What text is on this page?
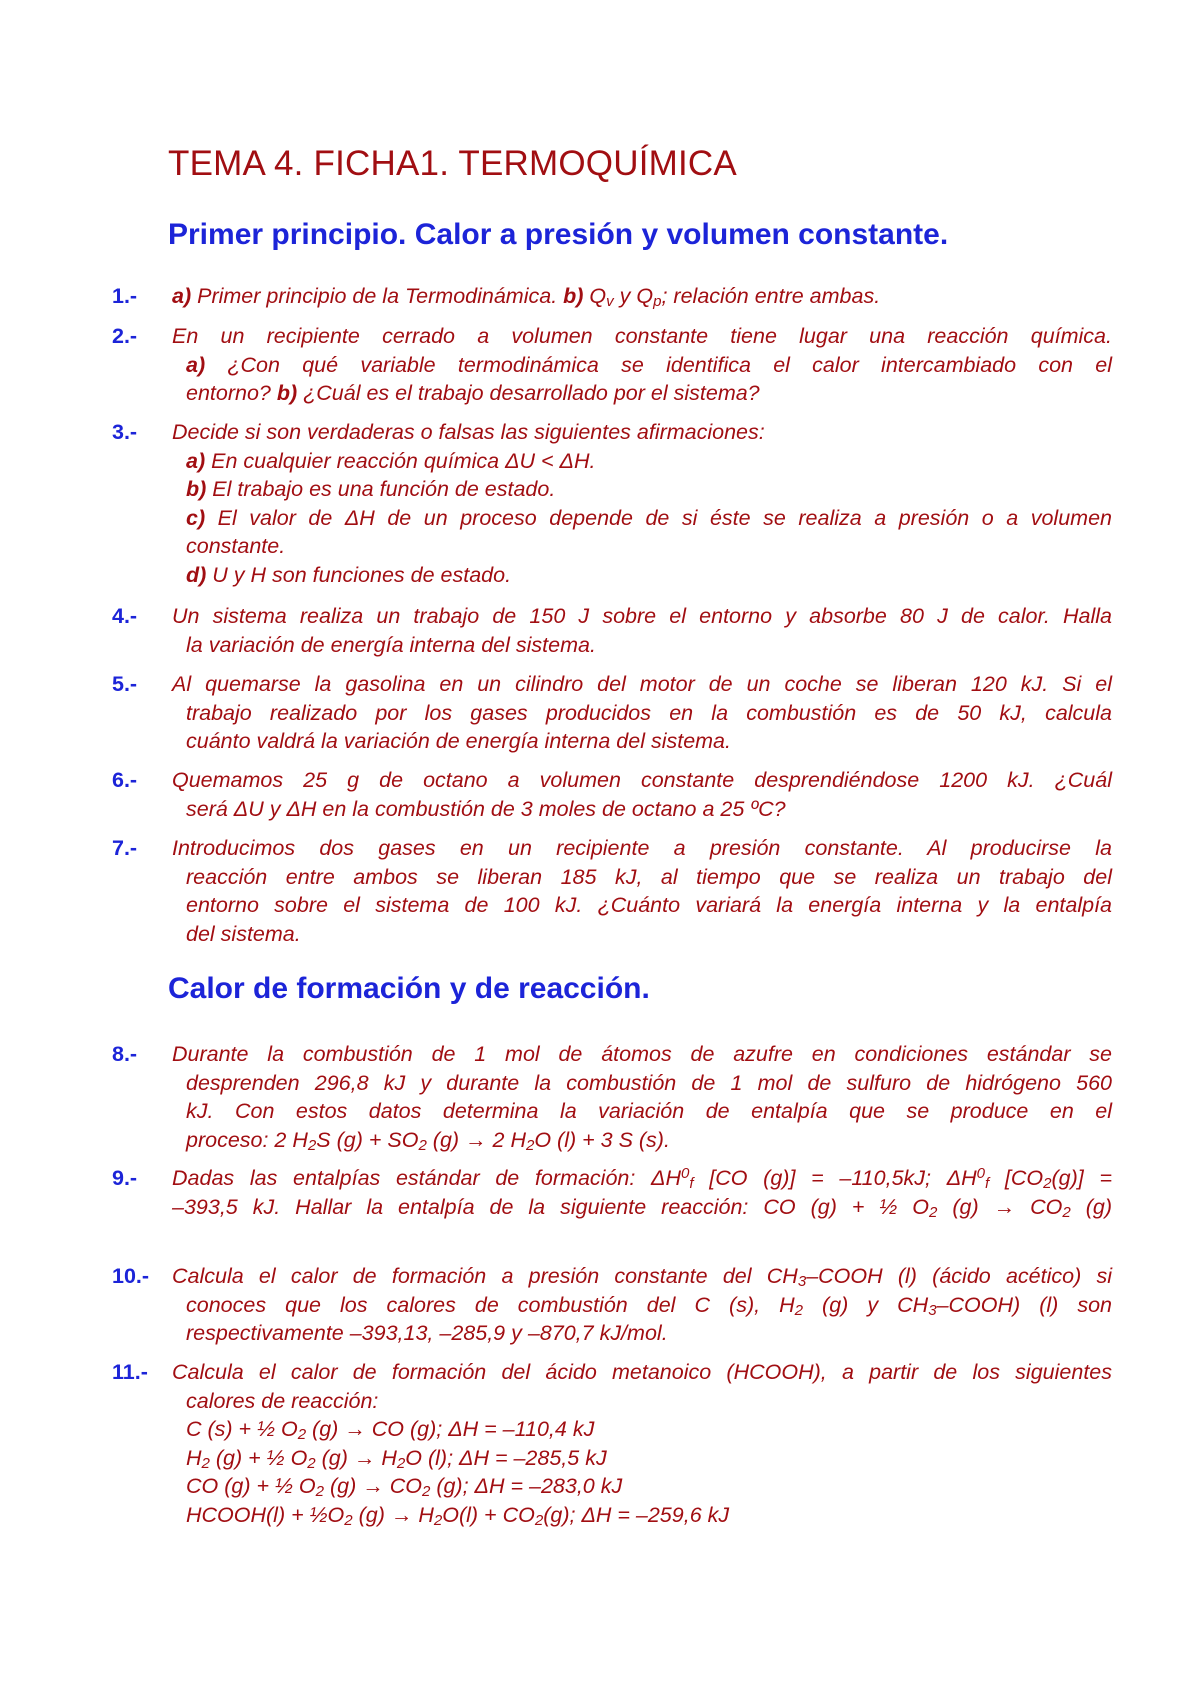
TEMA 4. FICHA1. TERMOQUÍMICA
Primer principio. Calor a presión y volumen constante.
1.- a) Primer principio de la Termodinámica. b) $Q_v$ y $Q_p$; relación entre ambas.
2.- En un recipiente cerrado a volumen constante tiene lugar una reacción química.
a) ¿Con qué variable termodinámica se identifica el calor intercambiado con el
entorno? b) ¿Cuál es el trabajo desarrollado por el sistema?
3.- Decide si son verdaderas o falsas las siguientes afirmaciones:
a) En cualquier reacción química ΔU < ΔH.
b) El trabajo es una función de estado.
c) El valor de ΔH de un proceso depende de si éste se realiza a presión o a volumen
constante.
d) U y H son funciones de estado.
4.- Un sistema realiza un trabajo de 150 J sobre el entorno y absorbe 80 J de calor. Halla
la variación de energía interna del sistema.
5.- Al quemarse la gasolina en un cilindro del motor de un coche se liberan 120 kJ. Si el
trabajo realizado por los gases producidos en la combustión es de 50 kJ, calcula
cuánto valdrá la variación de energía interna del sistema.
6.- Quemamos 25 g de octano a volumen constante desprendiéndose 1200 kJ. ¿Cuál
será ΔU y ΔH en la combustión de 3 moles de octano a 25 ºC?
7.- Introducimos dos gases en un recipiente a presión constante. Al producirse la
reacción entre ambos se liberan 185 kJ, al tiempo que se realiza un trabajo del
entorno sobre el sistema de 100 kJ. ¿Cuánto variará la energía interna y la entalpía
del sistema.
Calor de formación y de reacción.
8.- Durante la combustión de 1 mol de átomos de azufre en condiciones estándar se
desprenden 296,8 kJ y durante la combustión de 1 mol de sulfuro de hidrógeno 560
kJ. Con estos datos determina la variación de entalpía que se produce en el
proceso: 2 $H_2S$ $(g) + SO_2$ (g) → 2 $H_2O$ (l) + 3 S (s).
9.- Dadas las entalpías estándar de formación: $\Delta H^0_f$ [CO (g)] = –110,5kJ; $\Delta H^0_f$ $[CO_2(g)]$ =
–393,5 kJ. Hallar la entalpía de la siguiente reacción: CO (g) + ½ $O_2$ $(g) \to CO_2$ (g)
10.- Calcula el calor de formación a presión constante del $CH_3$–COOH (l) (ácido acético) si
conoces que los calores de combustión del C (s), $H_2$ (g) y $CH_3-COOH$) (l) son
respectivamente –393,13, –285,9 y –870,7 kJ/mol.
11.- Calcula el calor de formación del ácido metanoico (HCOOH), a partir de los siguientes
calores de reacción:
C (s) + ½ $O_2$ (g) → CO (g); ΔH = –110,4 kJ
$H_2$ (g) + ½ $O_2$ $(g) \to H_2O$ (l); ΔH = –285,5 kJ
CO (g) + ½ $O_2$ $(g) \to CO_2$ (g); ΔH = –283,0 kJ
HCOOH(l) + $\frac{1}{2}O_2$ $(g) \to H_2O(l) + CO_2(g)$; ΔH = –259,6 kJ
